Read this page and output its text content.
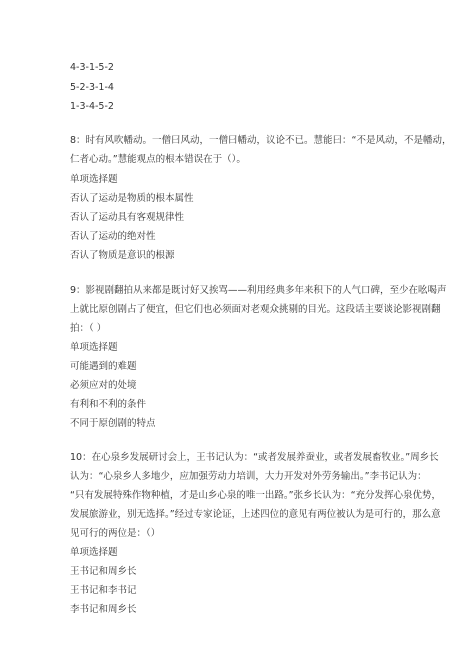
4-3-1-5-2
5-2-3-1-4
1-3-4-5-2
8：时有风吹幡动。一僧曰风动，一僧曰幡动，议论不已。慧能曰：“不是风动，不是幡动，
仁者心动。”慧能观点的根本错误在于（）。
单项选择题
否认了运动是物质的根本属性
否认了运动具有客观规律性
否认了运动的绝对性
否认了物质是意识的根源
9：影视剧翻拍从来都是既讨好又挨骂——利用经典多年来积下的人气口碑，至少在吆喝声
上就比原创剧占了便宜，但它们也必须面对老观众挑剔的目光。这段话主要谈论影视剧翻
拍：（ ）
单项选择题
可能遇到的难题
必须应对的处境
有利和不利的条件
不同于原创剧的特点
10：在心泉乡发展研讨会上，王书记认为：“或者发展养蚕业，或者发展畜牧业。”周乡长
认为：“心泉乡人多地少，应加强劳动力培训，大力开发对外劳务输出。”李书记认为：
“只有发展特殊作物种植，才是山乡心泉的唯一出路。”张乡长认为：“充分发挥心泉优势，
发展旅游业，别无选择。”经过专家论证，上述四位的意见有两位被认为是可行的，那么意
见可行的两位是：（）
单项选择题
王书记和周乡长
王书记和李书记
李书记和周乡长
